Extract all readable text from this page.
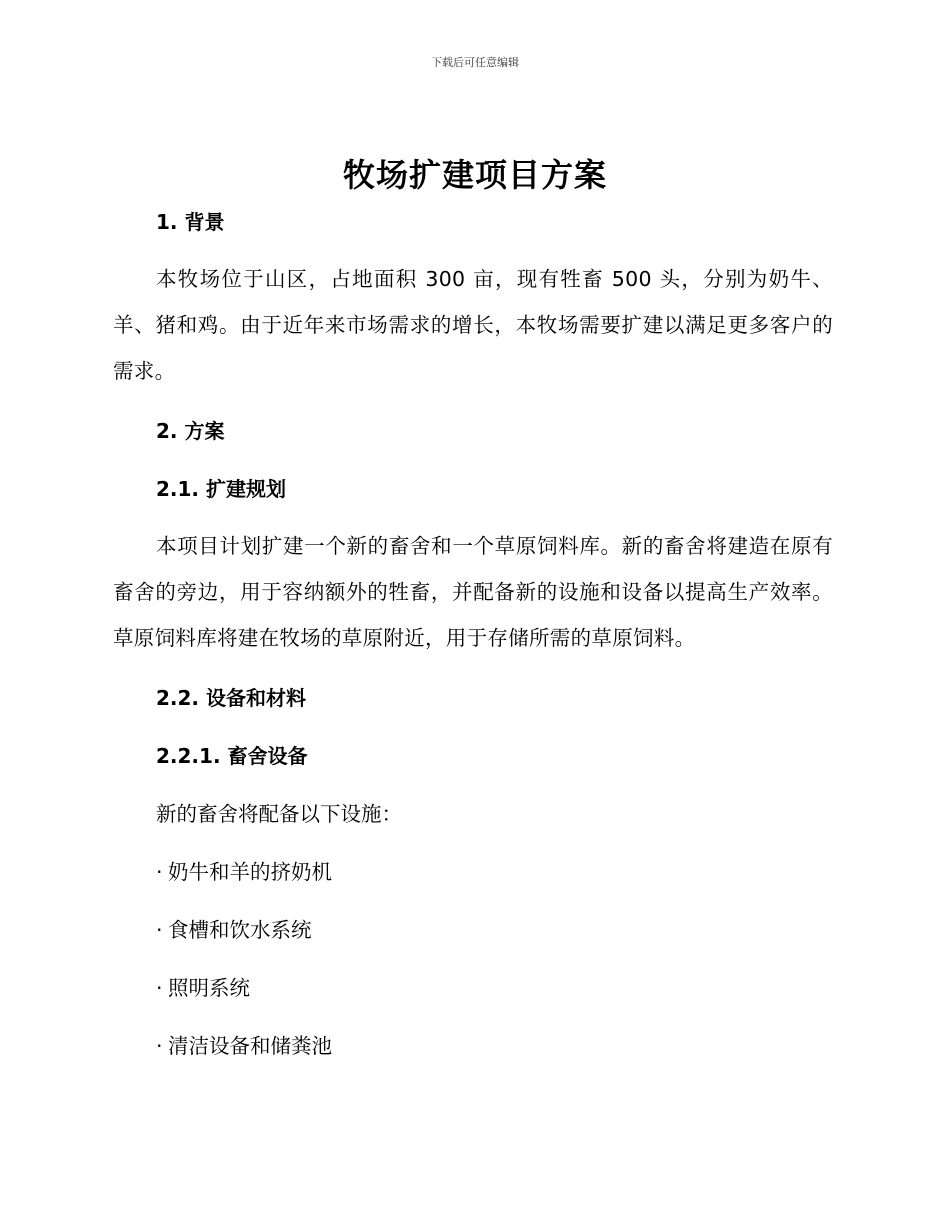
下载后可任意编辑
牧场扩建项目方案
1. 背景

本牧场位于山区，占地面积 300 亩，现有牲畜 500 头，分别为奶牛、羊、猪和鸡。由于近年来市场需求的增长，本牧场需要扩建以满足更多客户的需求。

2. 方案
2.1. 扩建规划

本项目计划扩建一个新的畜舍和一个草原饲料库。新的畜舍将建造在原有畜舍的旁边，用于容纳额外的牲畜，并配备新的设施和设备以提高生产效率。草原饲料库将建在牧场的草原附近，用于存储所需的草原饲料。

2.2. 设备和材料
2.2.1. 畜舍设备

新的畜舍将配备以下设施：

· 奶牛和羊的挤奶机
· 食槽和饮水系统
· 照明系统
· 清洁设备和储粪池
